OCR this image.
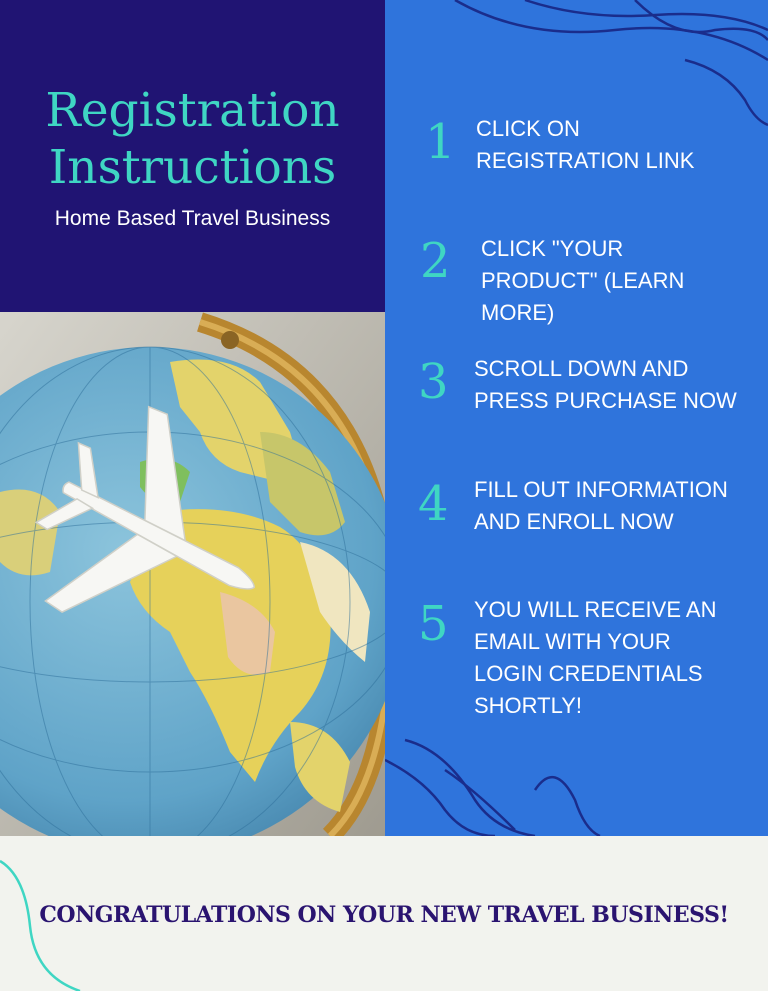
Registration
Instructions
Home Based Travel Business
1 CLICK ON
REGISTRATION LINK
2 CLICK "YOUR
PRODUCT" (LEARN
MORE)
3 SCROLL DOWN AND
PRESS PURCHASE NOW
4 FILL OUT INFORMATION
AND ENROLL NOW
5 YOU WILL RECEIVE AN
EMAIL WITH YOUR
LOGIN CREDENTIALS
SHORTLY!
CONGRATULATIONS ON YOUR NEW TRAVEL BUSINESS!
